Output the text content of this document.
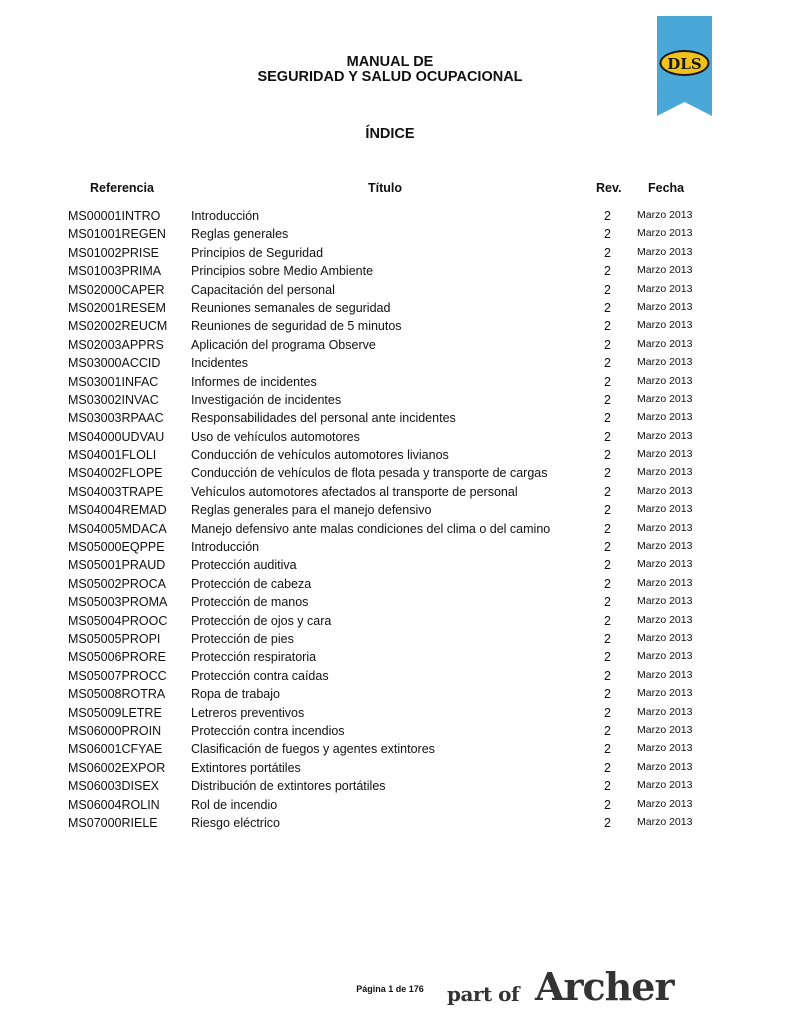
MANUAL DE
SEGURIDAD Y SALUD OCUPACIONAL
DLS
ÍNDICE
Referencia	Título	Rev. Fecha
MS00001INTRO Introducción	2 Marzo 2013
MS01001REGEN Reglas generales	2 Marzo 2013
MS01002PRISE	Principios de Seguridad	2 Marzo 2013
MS01003PRIMA Principios sobre Medio Ambiente	2 Marzo 2013
MS02000CAPER Capacitación del personal	2 Marzo 2013
MS02001RESEM Reuniones semanales de seguridad	2 Marzo 2013
MS02002REUCM Reuniones de seguridad de 5 minutos	2 Marzo 2013
MS02003APPRS Aplicación del programa Observe	2 Marzo 2013
MS03000ACCID Incidentes	2 Marzo 2013
MS03001INFAC	Informes de incidentes	2 Marzo 2013
MS03002INVAC	Investigación de incidentes	2 Marzo 2013
MS03003RPAAC Responsabilidades del personal ante incidentes	2 Marzo 2013
MS04000UDVAU Uso de vehículos automotores	2 Marzo 2013
MS04001FLOLI	Conducción de vehículos automotores livianos	2 Marzo 2013
MS04002FLOPE Conducción de vehículos de flota pesada y transporte de cargas	2 Marzo 2013
MS04003TRAPE Vehículos automotores afectados al transporte de personal	2 Marzo 2013
MS04004REMAD Reglas generales para el manejo defensivo	2 Marzo 2013
MS04005MDACA Manejo defensivo ante malas condiciones del clima o del camino	2 Marzo 2013
MS05000EQPPE Introducción	2 Marzo 2013
MS05001PRAUD Protección auditiva	2 Marzo 2013
MS05002PROCA Protección de cabeza	2 Marzo 2013
MS05003PROMA Protección de manos	2 Marzo 2013
MS05004PROOC Protección de ojos y cara	2 Marzo 2013
MS05005PROPI Protección de pies	2 Marzo 2013
MS05006PRORE Protección respiratoria	2 Marzo 2013
MS05007PROCC Protección contra caídas	2 Marzo 2013
MS05008ROTRA Ropa de trabajo	2 Marzo 2013
MS05009LETRE Letreros preventivos	2 Marzo 2013
MS06000PROIN Protección contra incendios	2 Marzo 2013
MS06001CFYAE Clasificación de fuegos y agentes extintores	2 Marzo 2013
MS06002EXPOR Extintores portátiles	2 Marzo 2013
MS06003DISEX	Distribución de extintores portátiles	2 Marzo 2013
MS06004ROLIN	Rol de incendio	2 Marzo 2013
MS07000RIELE	Riesgo eléctrico	2 Marzo 2013
Página 1 de 176	part of Archer
